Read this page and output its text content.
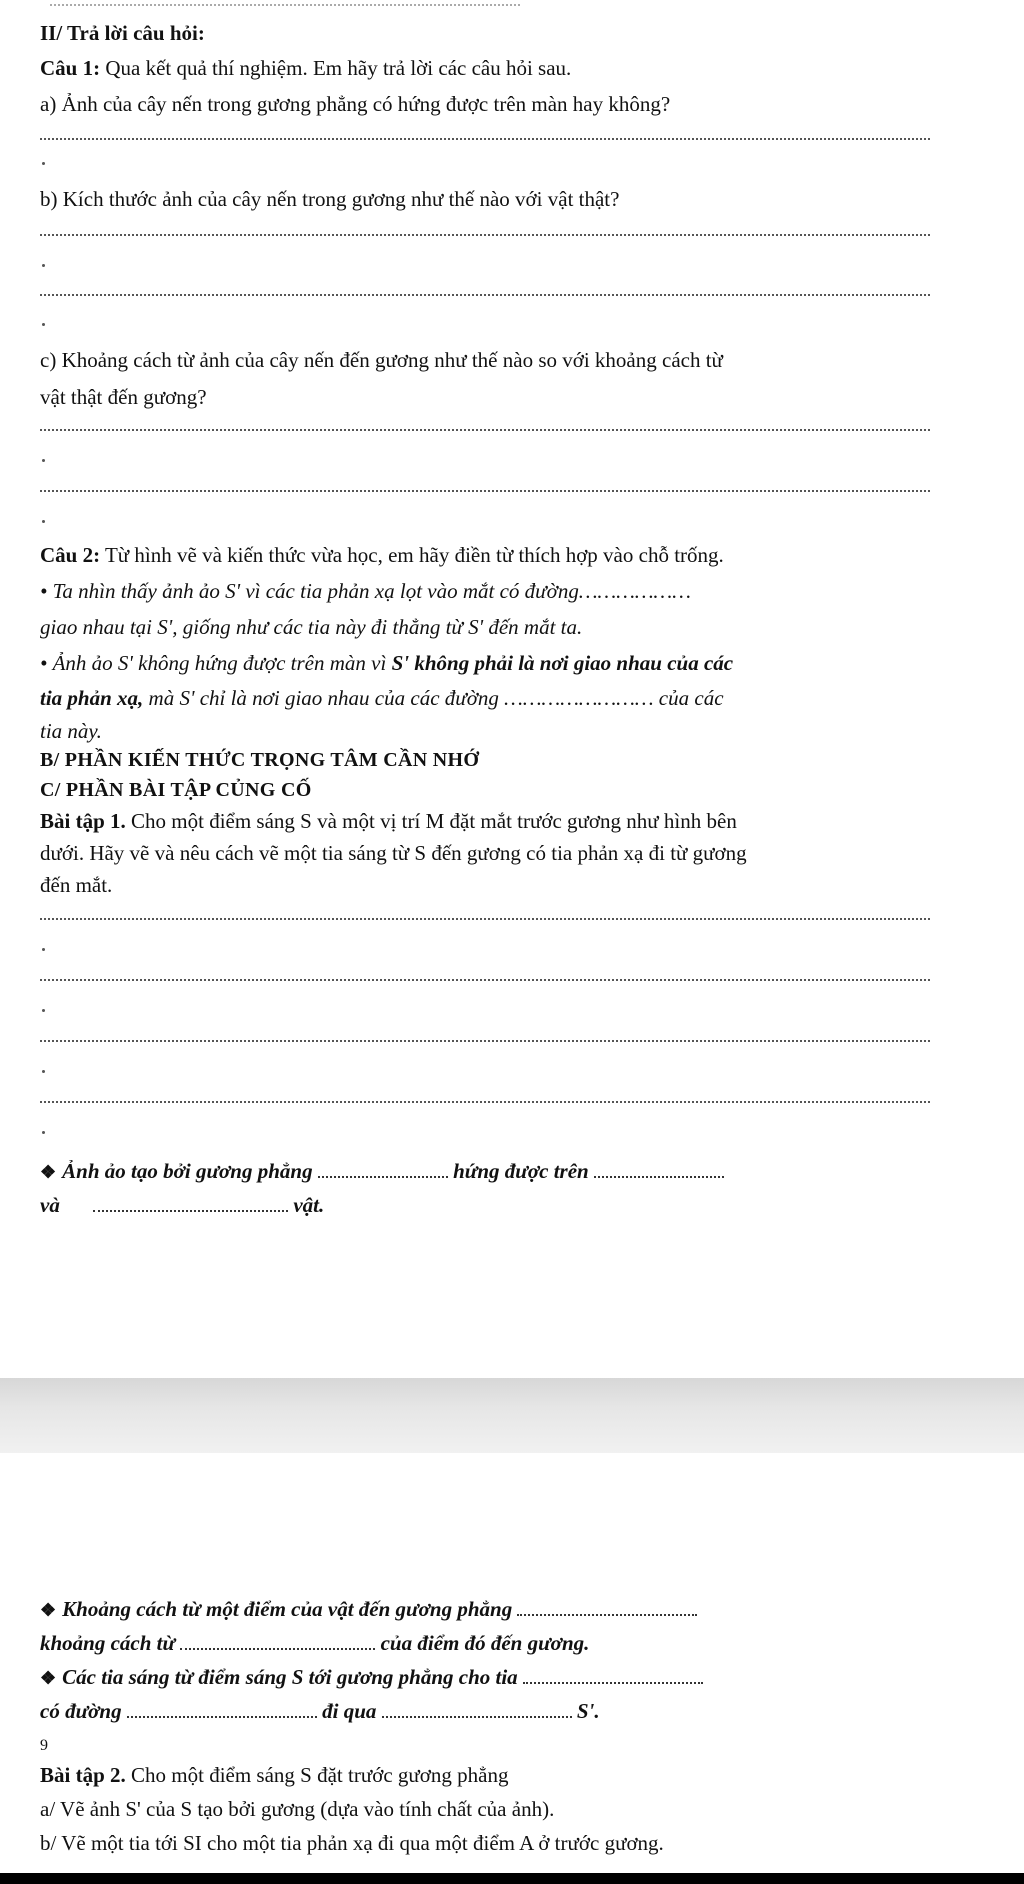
II/ Trả lời câu hỏi:
Câu 1: Qua kết quả thí nghiệm. Em hãy trả lời các câu hỏi sau.
a) Ảnh của cây nến trong gương phẳng có hứng được trên màn hay không?
b) Kích thước ảnh của cây nến trong gương như thế nào với vật thật?
c) Khoảng cách từ ảnh của cây nến đến gương như thế nào so với khoảng cách từ
vật thật đến gương?
Câu 2: Từ hình vẽ và kiến thức vừa học, em hãy điền từ thích hợp vào chỗ trống.
• Ta nhìn thấy ảnh ảo S' vì các tia phản xạ lọt vào mắt có đường………………
giao nhau tại S', giống như các tia này đi thẳng từ S' đến mắt ta.
• Ảnh ảo S' không hứng được trên màn vì S' không phải là nơi giao nhau của các
tia phản xạ, mà S' chỉ là nơi giao nhau của các đường …………………… của các
tia này.
B/ PHẦN KIẾN THỨC TRỌNG TÂM CẦN NHỚ
C/ PHẦN BÀI TẬP CỦNG CỐ
Bài tập 1. Cho một điểm sáng S và một vị trí M đặt mắt trước gương như hình bên
dưới. Hãy vẽ và nêu cách vẽ một tia sáng từ S đến gương có tia phản xạ đi từ gương
đến mắt.
❖ Ảnh ảo tạo bởi gương phẳng	hứng được trên
và	vật.
❖ Khoảng cách từ một điểm của vật đến gương phẳng
khoảng cách từ	của điểm đó đến gương.
❖ Các tia sáng từ điểm sáng S tới gương phẳng cho tia
có đường	đi qua	S'.
9
Bài tập 2. Cho một điểm sáng S đặt trước gương phẳng
a/ Vẽ ảnh S' của S tạo bởi gương (dựa vào tính chất của ảnh).
b/ Vẽ một tia tới SI cho một tia phản xạ đi qua một điểm A ở trước gương.
